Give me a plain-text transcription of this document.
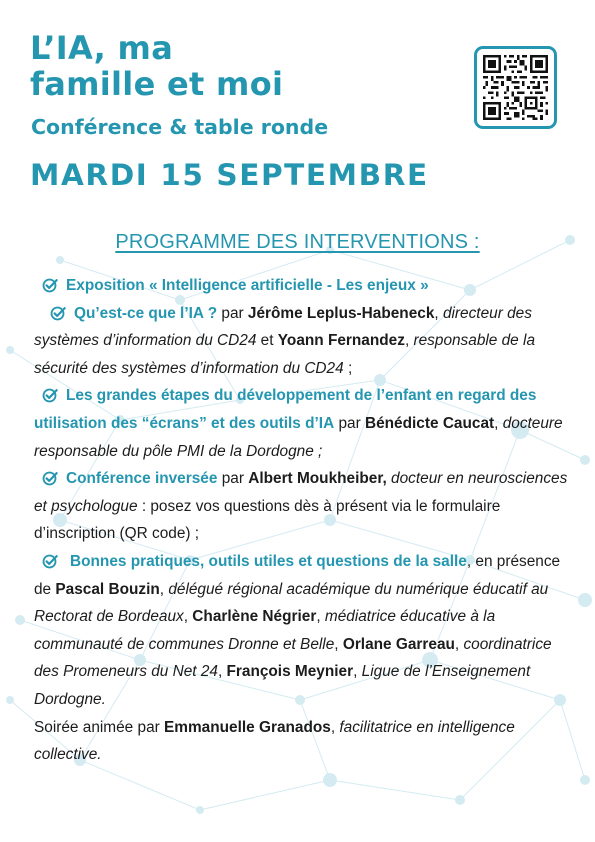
L’IA, ma
famille et moi
Conférence & table ronde
MARDI 15 SEPTEMBRE
PROGRAMME DES INTERVENTIONS :

Exposition « Intelligence artificielle - Les enjeux »

Qu’est-ce que l’IA ? par Jérôme Leplus-Habeneck, directeur des systèmes d’information du CD24 et Yoann Fernandez, responsable de la sécurité des systèmes d’information du CD24 ;

Les grandes étapes du développement de l’enfant en regard des utilisation des “écrans” et des outils d’IA par Bénédicte Caucat, docteure responsable du pôle PMI de la Dordogne ;

Conférence inversée par Albert Moukheiber, docteur en neurosciences et psychologue : posez vos questions dès à présent via le formulaire d’inscription (QR code) ;

Bonnes pratiques, outils utiles et questions de la salle, en présence de Pascal Bouzin, délégué régional académique du numérique éducatif au Rectorat de Bordeaux, Charlène Négrier, médiatrice éducative à la communauté de communes Dronne et Belle, Orlane Garreau, coordinatrice des Promeneurs du Net 24, François Meynier, Ligue de l’Enseignement Dordogne.

Soirée animée par Emmanuelle Granados, facilitatrice en intelligence collective.
